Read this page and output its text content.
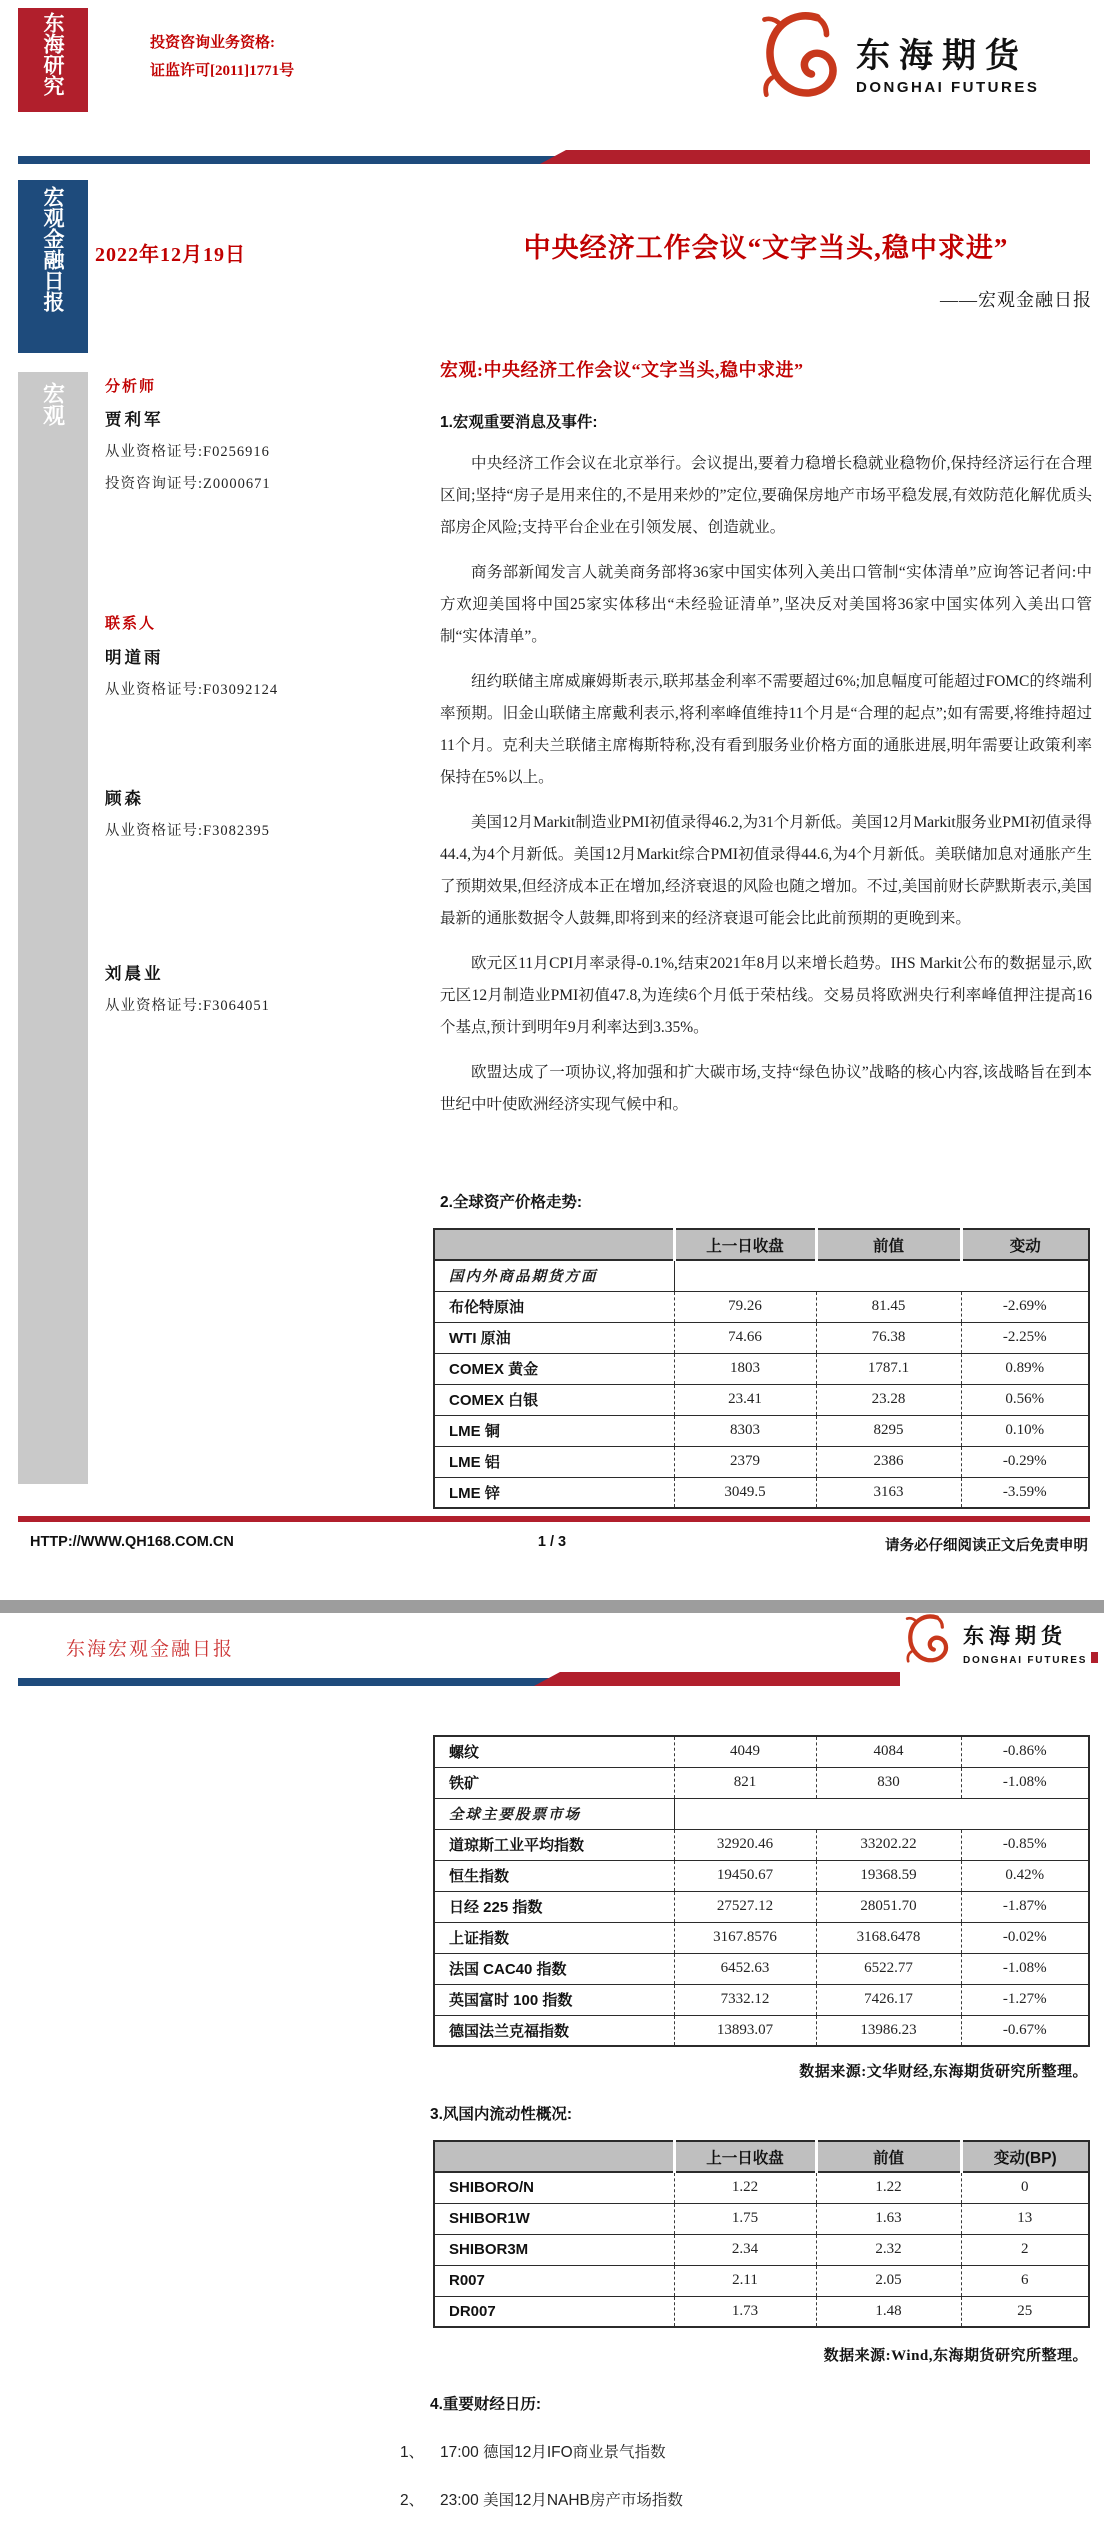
东海研究	投资咨询业务资格:
证监许可[2011]1771号	东海期货
DONGHAI FUTURES
宏观金融日报
宏观
2022年12月19日	中央经济工作会议“文字当头,稳中求进”
——宏观金融日报
分析师
贾利军
从业资格证号:F0256916
投资咨询证号:Z0000671
联系人
明道雨
从业资格证号:F03092124
顾森
从业资格证号:F3082395
刘晨业
从业资格证号:F3064051
宏观:中央经济工作会议“文字当头,稳中求进”
1.宏观重要消息及事件:
中央经济工作会议在北京举行。会议提出,要着力稳增长稳就业稳物价,保持经济运行在合理区间;坚持“房子是用来住的,不是用来炒的”定位,要确保房地产市场平稳发展,有效防范化解优质头部房企风险;支持平台企业在引领发展、创造就业。
商务部新闻发言人就美商务部将36家中国实体列入美出口管制“实体清单”应询答记者问:中方欢迎美国将中国25家实体移出“未经验证清单”,坚决反对美国将36家中国实体列入美出口管制“实体清单”。
纽约联储主席威廉姆斯表示,联邦基金利率不需要超过6%;加息幅度可能超过FOMC的终端利率预期。旧金山联储主席戴利表示,将利率峰值维持11个月是“合理的起点”;如有需要,将维持超过11个月。克利夫兰联储主席梅斯特称,没有看到服务业价格方面的通胀进展,明年需要让政策利率保持在5%以上。
美国12月Markit制造业PMI初值录得46.2,为31个月新低。美国12月Markit服务业PMI初值录得44.4,为4个月新低。美国12月Markit综合PMI初值录得44.6,为4个月新低。美联储加息对通胀产生了预期效果,但经济成本正在增加,经济衰退的风险也随之增加。不过,美国前财长萨默斯表示,美国最新的通胀数据令人鼓舞,即将到来的经济衰退可能会比此前预期的更晚到来。
欧元区11月CPI月率录得-0.1%,结束2021年8月以来增长趋势。IHS Markit公布的数据显示,欧元区12月制造业PMI初值47.8,为连续6个月低于荣枯线。交易员将欧洲央行利率峰值押注提高16个基点,预计到明年9月利率达到3.35%。
欧盟达成了一项协议,将加强和扩大碳市场,支持“绿色协议”战略的核心内容,该战略旨在到本世纪中叶使欧洲经济实现气候中和。
2.全球资产价格走势:
	上一日收盘	前值	变动
国内外商品期货方面			
布伦特原油	79.26	81.45	-2.69%
WTI 原油	74.66	76.38	-2.25%
COMEX 黄金	1803	1787.1	0.89%
COMEX 白银	23.41	23.28	0.56%
LME 铜	8303	8295	0.10%
LME 铝	2379	2386	-0.29%
LME 锌	3049.5	3163	-3.59%
HTTP://WWW.QH168.COM.CN	1 / 3	请务必仔细阅读正文后免责申明
东海宏观金融日报
东海期货
DONGHAI FUTURES
螺纹	4049	4084	-0.86%
铁矿	821	830	-1.08%
全球主要股票市场			
道琼斯工业平均指数	32920.46	33202.22	-0.85%
恒生指数	19450.67	19368.59	0.42%
日经 225 指数	27527.12	28051.70	-1.87%
上证指数	3167.8576	3168.6478	-0.02%
法国 CAC40 指数	6452.63	6522.77	-1.08%
英国富时 100 指数	7332.12	7426.17	-1.27%
德国法兰克福指数	13893.07	13986.23	-0.67%
数据来源:文华财经,东海期货研究所整理。
3.风国内流动性概况:
	上一日收盘	前值	变动(BP)
SHIBORO/N	1.22	1.22	0
SHIBOR1W	1.75	1.63	13
SHIBOR3M	2.34	2.32	2
R007	2.11	2.05	6
DR007	1.73	1.48	25
数据来源:Wind,东海期货研究所整理。
4.重要财经日历:
1、	17:00 德国12月IFO商业景气指数
2、	23:00 美国12月NAHB房产市场指数
